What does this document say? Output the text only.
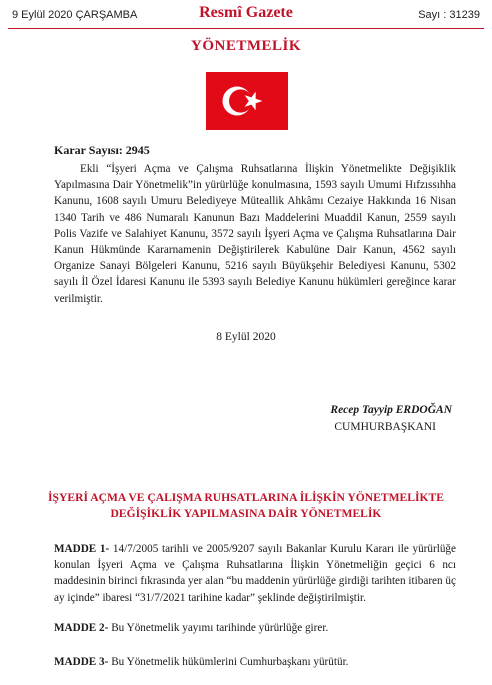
9 Eylül 2020 ÇARŞAMBA	Resmî Gazete	Sayı : 31239
YÖNETMELİK
Karar Sayısı: 2945
Ekli “İşyeri Açma ve Çalışma Ruhsatlarına İlişkin Yönetmelikte Değişiklik Yapılmasına Dair Yönetmelik”in yürürlüğe konulmasına, 1593 sayılı Umumi Hıfzıssıhha Kanunu, 1608 sayılı Umuru Belediyeye Müteallik Ahkâmı Cezaiye Hakkında 16 Nisan 1340 Tarih ve 486 Numaralı Kanunun Bazı Maddelerini Muaddil Kanun, 2559 sayılı Polis Vazife ve Salahiyet Kanunu, 3572 sayılı İşyeri Açma ve Çalışma Ruhsatlarına Dair Kanun Hükmünde Kararnamenin Değiştirilerek Kabulüne Dair Kanun, 4562 sayılı Organize Sanayi Bölgeleri Kanunu, 5216 sayılı Büyükşehir Belediyesi Kanunu, 5302 sayılı İl Özel İdaresi Kanunu ile 5393 sayılı Belediye Kanunu hükümleri gereğince karar verilmiştir.
8 Eylül 2020
Recep Tayyip ERDOĞAN
CUMHURBAŞKANI
İŞYERİ AÇMA VE ÇALIŞMA RUHSATLARINA İLİŞKİN YÖNETMELİKTE
DEĞİŞİKLİK YAPILMASINA DAİR YÖNETMELİK
MADDE 1- 14/7/2005 tarihli ve 2005/9207 sayılı Bakanlar Kurulu Kararı ile yürürlüğe konulan İşyeri Açma ve Çalışma Ruhsatlarına İlişkin Yönetmeliğin geçici 6 ncı maddesinin birinci fıkrasında yer alan “bu maddenin yürürlüğe girdiği tarihten itibaren üç ay içinde” ibaresi “31/7/2021 tarihine kadar” şeklinde değiştirilmiştir.
MADDE 2- Bu Yönetmelik yayımı tarihinde yürürlüğe girer.
MADDE 3- Bu Yönetmelik hükümlerini Cumhurbaşkanı yürütür.
